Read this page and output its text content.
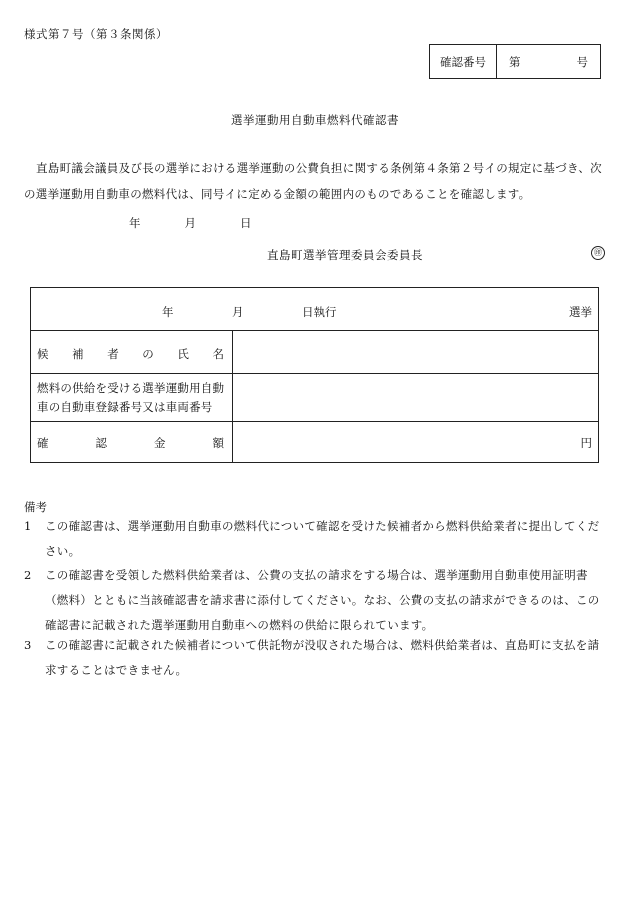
様式第７号（第３条関係）
確認番号	第	号
選挙運動用自動車燃料代確認書
直島町議会議員及び長の選挙における選挙運動の公費負担に関する条例第４条第２号イの規定に基づき、次の選挙運動用自動車の燃料代は、同号イに定める金額の範囲内のものであることを確認します。
年	月	日
直島町選挙管理委員会委員長	㊞
年	月	日執行	選挙
候 補 者 の 氏 名
燃料の供給を受ける選挙運動用自動車の自動車登録番号又は車両番号
確	認	金	額	円
備考
1 この確認書は、選挙運動用自動車の燃料代について確認を受けた候補者から燃料供給業者に提出してください。
2 この確認書を受領した燃料供給業者は、公費の支払の請求をする場合は、選挙運動用自動車使用証明書（燃料）とともに当該確認書を請求書に添付してください。なお、公費の支払の請求ができるのは、この確認書に記載された選挙運動用自動車への燃料の供給に限られています。
3 この確認書に記載された候補者について供託物が没収された場合は、燃料供給業者は、直島町に支払を請求することはできません。
